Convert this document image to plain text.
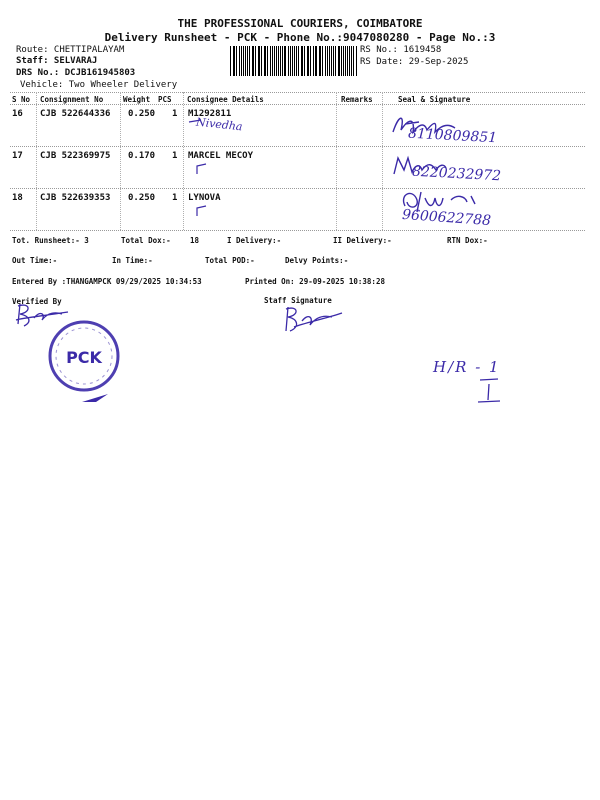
THE PROFESSIONAL COURIERS, COIMBATORE
Delivery Runsheet - PCK - Phone No.:9047080280 - Page No.:3
Route: CHETTIPALAYAM
Staff: SELVARAJ
DRS No.: DCJB161945803
Vehicle: Two Wheeler Delivery
RS No.: 1619458
RS Date: 29-Sep-2025
S No Consignment No	Weight PCS Consignee Details	Remarks	Seal & Signature
16 CJB 522644336 0.250 1 M1292811
17 CJB 522369975 0.170 1 MARCEL MECOY
18 CJB 522639353 0.250 1 LYNOVA
Tot. Runsheet:- 3	Total Dox:-	18	I Delivery:-	II Delivery:-	RTN Dox:-
Out Time:-	In Time:-	Total POD:-	Delvy Points:-
Entered By :THANGAMPCK 09/29/2025 10:34:53	Printed On: 29-09-2025 10:38:28
Verified By	Staff Signature
8110809851
Nivedha
8220232972
9600622788
PCK	H/R - 1
